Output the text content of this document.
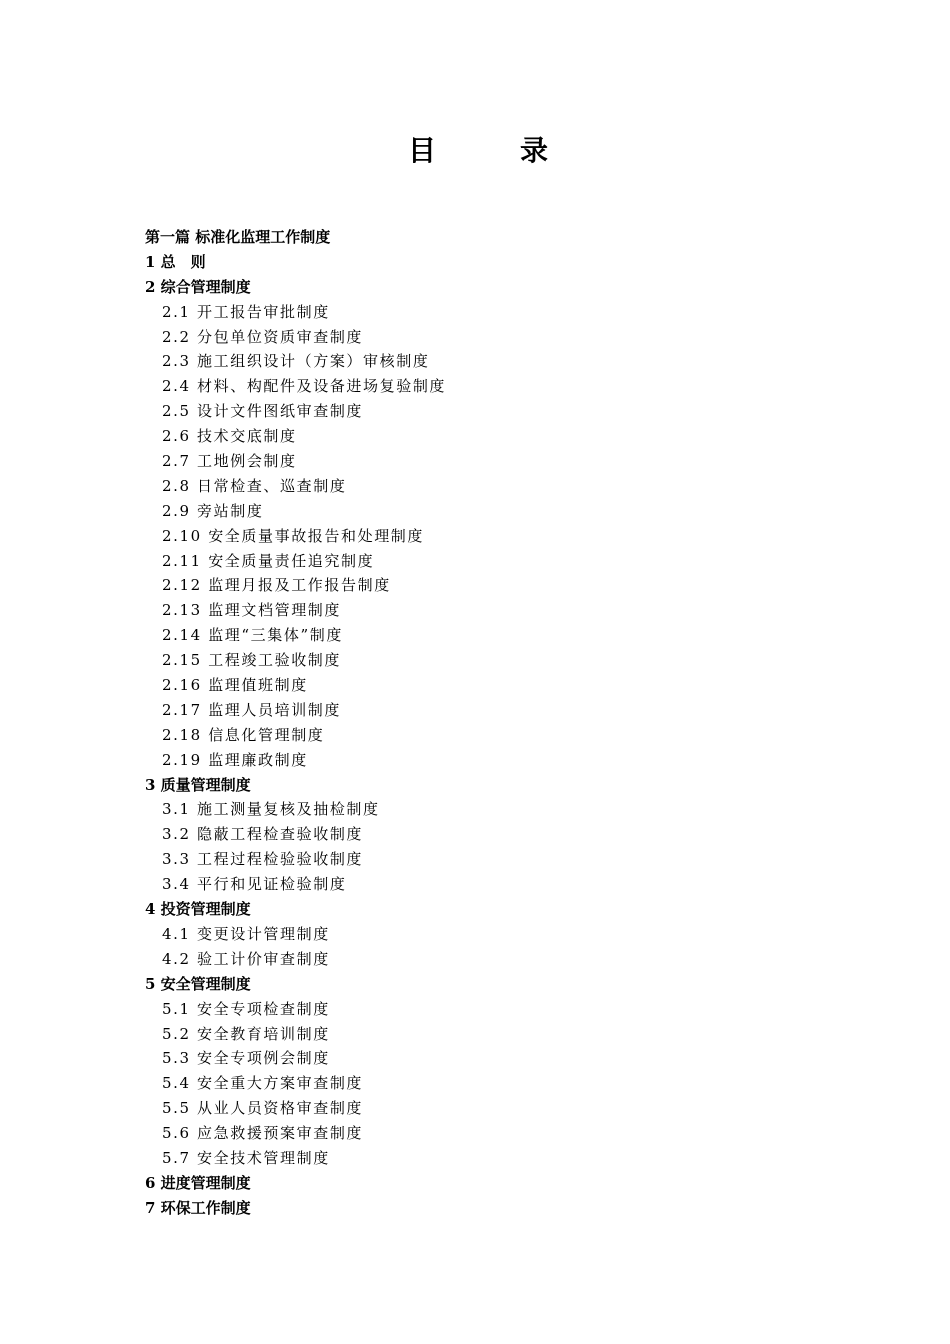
目　录
第一篇 标准化监理工作制度
1 总　则
2 综合管理制度
2.1 开工报告审批制度
2.2 分包单位资质审查制度
2.3 施工组织设计（方案）审核制度
2.4 材料、构配件及设备进场复验制度
2.5 设计文件图纸审查制度
2.6 技术交底制度
2.7 工地例会制度
2.8 日常检查、巡查制度
2.9 旁站制度
2.10 安全质量事故报告和处理制度
2.11 安全质量责任追究制度
2.12 监理月报及工作报告制度
2.13 监理文档管理制度
2.14 监理“三集体”制度
2.15 工程竣工验收制度
2.16 监理值班制度
2.17 监理人员培训制度
2.18 信息化管理制度
2.19 监理廉政制度
3 质量管理制度
3.1 施工测量复核及抽检制度
3.2 隐蔽工程检查验收制度
3.3 工程过程检验验收制度
3.4 平行和见证检验制度
4 投资管理制度
4.1 变更设计管理制度
4.2 验工计价审查制度
5 安全管理制度
5.1 安全专项检查制度
5.2 安全教育培训制度
5.3 安全专项例会制度
5.4 安全重大方案审查制度
5.5 从业人员资格审查制度
5.6 应急救援预案审查制度
5.7 安全技术管理制度
6 进度管理制度
7 环保工作制度
